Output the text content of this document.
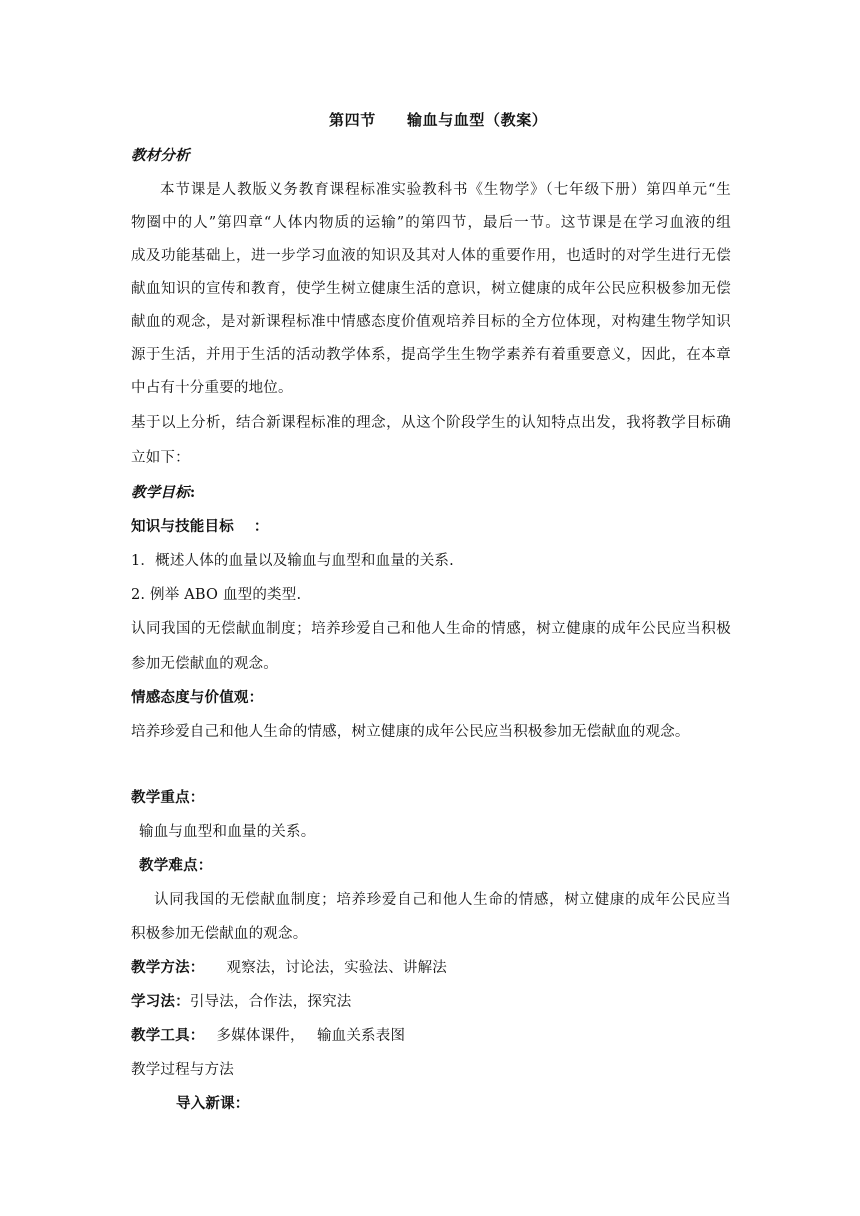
第四节　　输血与血型（教案）
教材分析
本节课是人教版义务教育课程标准实验教科书《生物学》（七年级下册）第四单元“生
物圈中的人”第四章“人体内物质的运输”的第四节，最后一节。这节课是在学习血液的组
成及功能基础上，进一步学习血液的知识及其对人体的重要作用，也适时的对学生进行无偿
献血知识的宣传和教育，使学生树立健康生活的意识，树立健康的成年公民应积极参加无偿
献血的观念，是对新课程标准中情感态度价值观培养目标的全方位体现，对构建生物学知识
源于生活，并用于生活的活动教学体系，提高学生生物学素养有着重要意义，因此，在本章
中占有十分重要的地位。
基于以上分析，结合新课程标准的理念，从这个阶段学生的认知特点出发，我将教学目标确
立如下：
教学目标:
知识与技能目标　 ：
1．概述人体的血量以及输血与血型和血量的关系.
2. 例举 ABO 血型的类型.
认同我国的无偿献血制度；培养珍爱自己和他人生命的情感，树立健康的成年公民应当积极
参加无偿献血的观念。
情感态度与价值观：
培养珍爱自己和他人生命的情感，树立健康的成年公民应当积极参加无偿献血的观念。
教学重点：
输血与血型和血量的关系。
教学难点：
认同我国的无偿献血制度；培养珍爱自己和他人生命的情感，树立健康的成年公民应当
积极参加无偿献血的观念。
教学方法： 观察法，讨论法，实验法、讲解法
学习法：引导法，合作法，探究法
教学工具： 多媒体课件，　 输血关系表图
教学过程与方法
导入新课：
